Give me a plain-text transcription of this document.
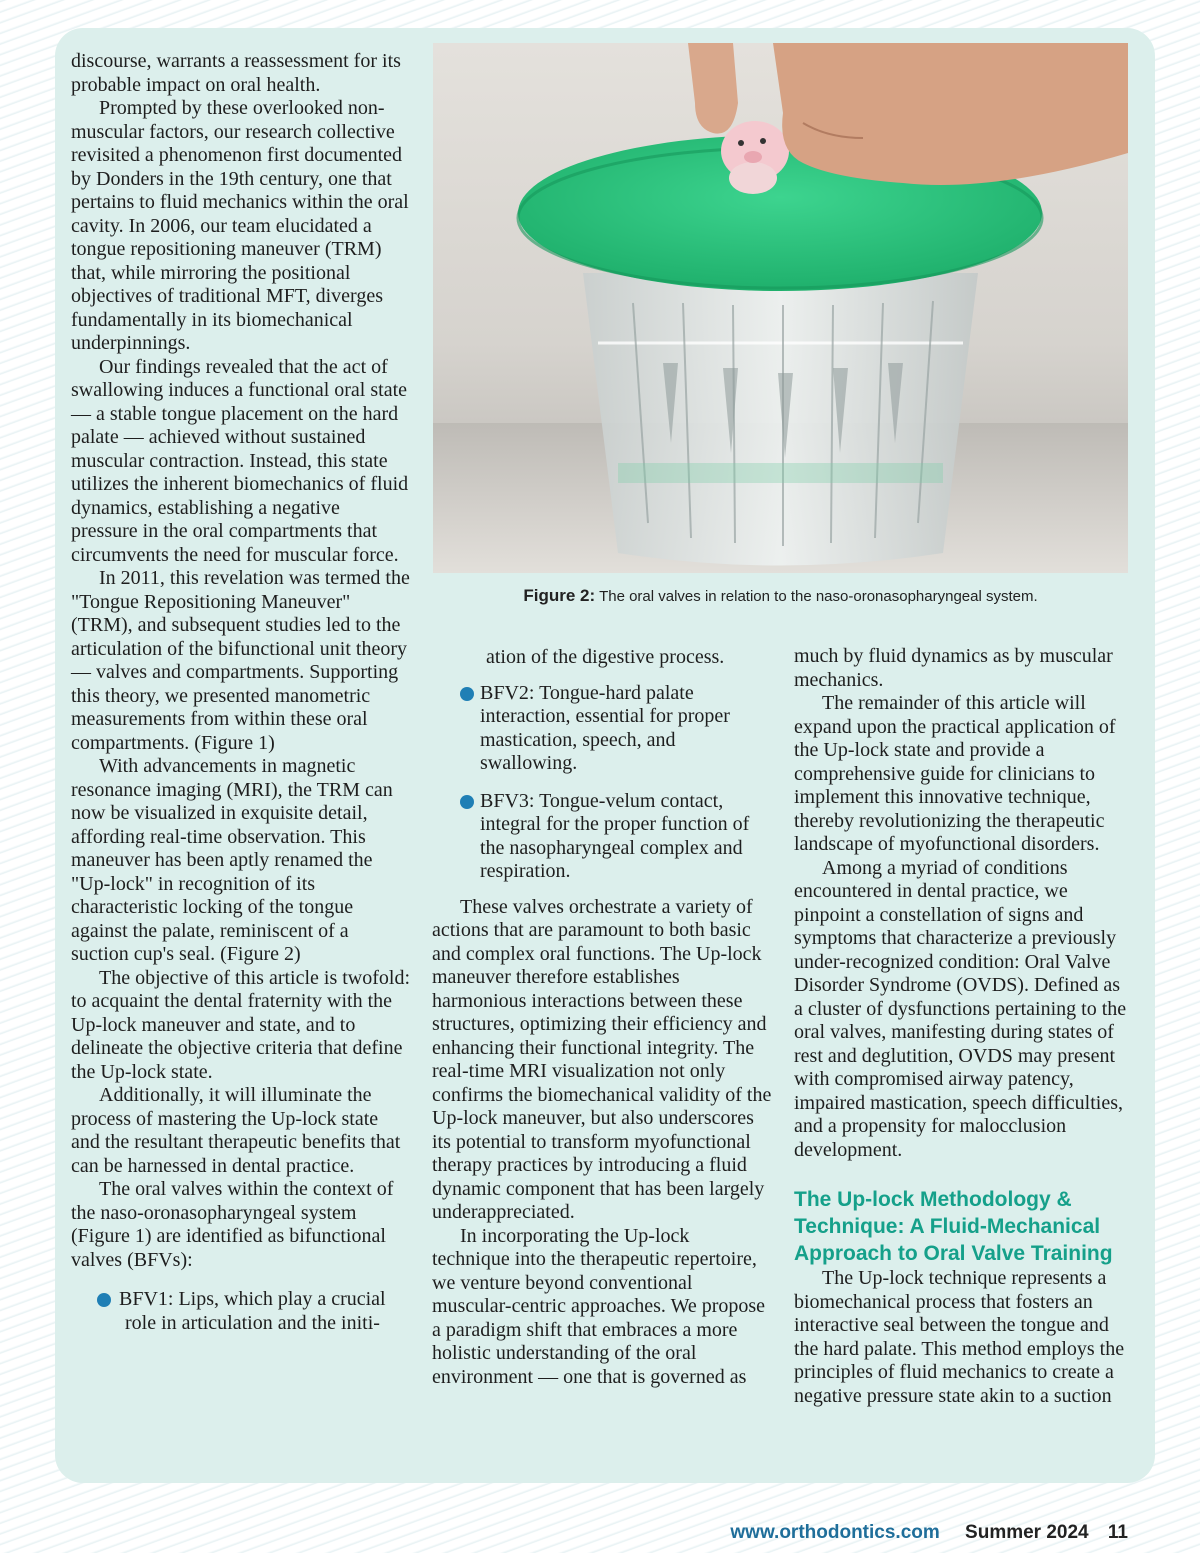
Figure 2: The oral valves in relation to the naso-oronasopharyngeal system.

discourse, warrants a reassessment for its probable impact on oral health.

Prompted by these overlooked non-muscular factors, our research collective revisited a phenomenon first documented by Donders in the 19th century, one that pertains to fluid mechanics within the oral cavity. In 2006, our team elucidated a tongue repositioning maneuver (TRM) that, while mirroring the positional objectives of traditional MFT, diverges fundamentally in its biomechanical underpinnings.

Our findings revealed that the act of swallowing induces a functional oral state — a stable tongue placement on the hard palate — achieved without sustained muscular contraction. Instead, this state utilizes the inherent biomechanics of fluid dynamics, establishing a negative pressure in the oral compartments that circumvents the need for muscular force.

In 2011, this revelation was termed the "Tongue Repositioning Maneuver" (TRM), and subsequent studies led to the articulation of the bifunctional unit theory — valves and compartments. Supporting this theory, we presented manometric measurements from within these oral compartments. (Figure 1)

With advancements in magnetic resonance imaging (MRI), the TRM can now be visualized in exquisite detail, affording real-time observation. This maneuver has been aptly renamed the "Up-lock" in recognition of its characteristic locking of the tongue against the palate, reminiscent of a suction cup's seal. (Figure 2)

The objective of this article is twofold: to acquaint the dental fraternity with the Up-lock maneuver and state, and to delineate the objective criteria that define the Up-lock state.

Additionally, it will illuminate the process of mastering the Up-lock state and the resultant therapeutic benefits that can be harnessed in dental practice.

The oral valves within the context of the naso-oronasopharyngeal system (Figure 1) are identified as bifunctional valves (BFVs):

BFV1: Lips, which play a crucial
role in articulation and the initi-

ation of the digestive process.

BFV2: Tongue-hard palate interaction, essential for proper mastication, speech, and swallowing.
BFV3: Tongue-velum contact, integral for the proper function of the nasopharyngeal complex and respiration.

These valves orchestrate a variety of actions that are paramount to both basic and complex oral functions. The Up-lock maneuver therefore establishes harmonious interactions between these structures, optimizing their efficiency and enhancing their functional integrity. The real-time MRI visualization not only confirms the biomechanical validity of the Up-lock maneuver, but also underscores its potential to transform myofunctional therapy practices by introducing a fluid dynamic component that has been largely underappreciated.

In incorporating the Up-lock technique into the therapeutic repertoire, we venture beyond conventional muscular-centric approaches. We propose a paradigm shift that embraces a more holistic understanding of the oral environment — one that is governed as

much by fluid dynamics as by muscular mechanics.

The remainder of this article will expand upon the practical application of the Up-lock state and provide a comprehensive guide for clinicians to implement this innovative technique, thereby revolutionizing the therapeutic landscape of myofunctional disorders.

Among a myriad of conditions encountered in dental practice, we pinpoint a constellation of signs and symptoms that characterize a previously under-recognized condition: Oral Valve Disorder Syndrome (OVDS). Defined as a cluster of dysfunctions pertaining to the oral valves, manifesting during states of rest and deglutition, OVDS may present with compromised airway patency, impaired mastication, speech difficulties, and a propensity for malocclusion development.

The Up-lock Methodology & Technique: A Fluid-Mechanical Approach to Oral Valve Training

The Up-lock technique represents a biomechanical process that fosters an interactive seal between the tongue and the hard palate. This method employs the principles of fluid mechanics to create a negative pressure state akin to a suction

www.orthodontics.com Summer 2024 11
